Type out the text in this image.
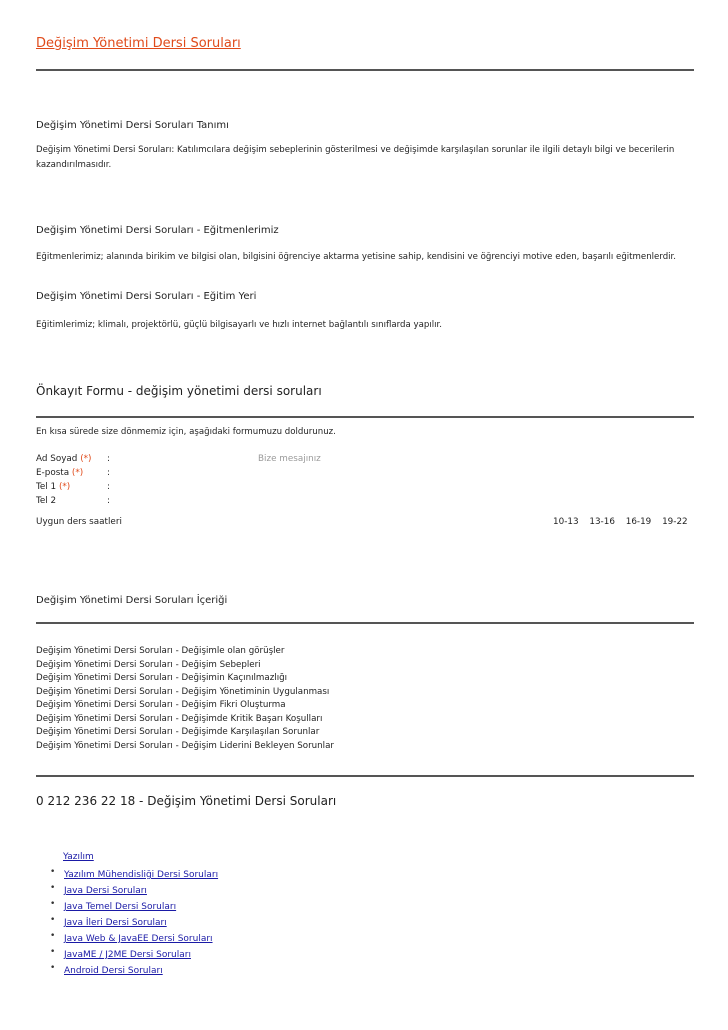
Değişim Yönetimi Dersi Soruları
Değişim Yönetimi Dersi Soruları Tanımı
Değişim Yönetimi Dersi Soruları: Katılımcılara değişim sebeplerinin gösterilmesi ve değişimde karşılaşılan sorunlar ile ilgili detaylı bilgi ve becerilerin kazandırılmasıdır.
Değişim Yönetimi Dersi Soruları - Eğitmenlerimiz
Eğitmenlerimiz; alanında birikim ve bilgisi olan, bilgisini öğrenciye aktarma yetisine sahip, kendisini ve öğrenciyi motive eden, başarılı eğitmenlerdir.
Değişim Yönetimi Dersi Soruları - Eğitim Yeri
Eğitimlerimiz; klimalı, projektörlü, güçlü bilgisayarlı ve hızlı internet bağlantılı sınıflarda yapılır.
Önkayıt Formu - değişim yönetimi dersi soruları
En kısa sürede size dönmemiz için, aşağıdaki formumuzu doldurunuz.
Ad Soyad (*) :
E-posta (*)	:
Tel 1 (*)	:
Tel 2	:
Bize mesajınız
Uygun ders saatleri	10-13 13-16 16-19 19-22
Değişim Yönetimi Dersi Soruları İçeriği
Değişim Yönetimi Dersi Soruları - Değişimle olan görüşler
Değişim Yönetimi Dersi Soruları - Değişim Sebepleri
Değişim Yönetimi Dersi Soruları - Değişimin Kaçınılmazlığı
Değişim Yönetimi Dersi Soruları - Değişim Yönetiminin Uygulanması
Değişim Yönetimi Dersi Soruları - Değişim Fikri Oluşturma
Değişim Yönetimi Dersi Soruları - Değişimde Kritik Başarı Koşulları
Değişim Yönetimi Dersi Soruları - Değişimde Karşılaşılan Sorunlar
Değişim Yönetimi Dersi Soruları - Değişim Liderini Bekleyen Sorunlar
0 212 236 22 18 - Değişim Yönetimi Dersi Soruları
Yazılım
• Yazılım Mühendisliği Dersi Soruları
• Java Dersi Soruları
• Java Temel Dersi Soruları
• Java İleri Dersi Soruları
• Java Web & JavaEE Dersi Soruları
• JavaME / J2ME Dersi Soruları
• Android Dersi Soruları
